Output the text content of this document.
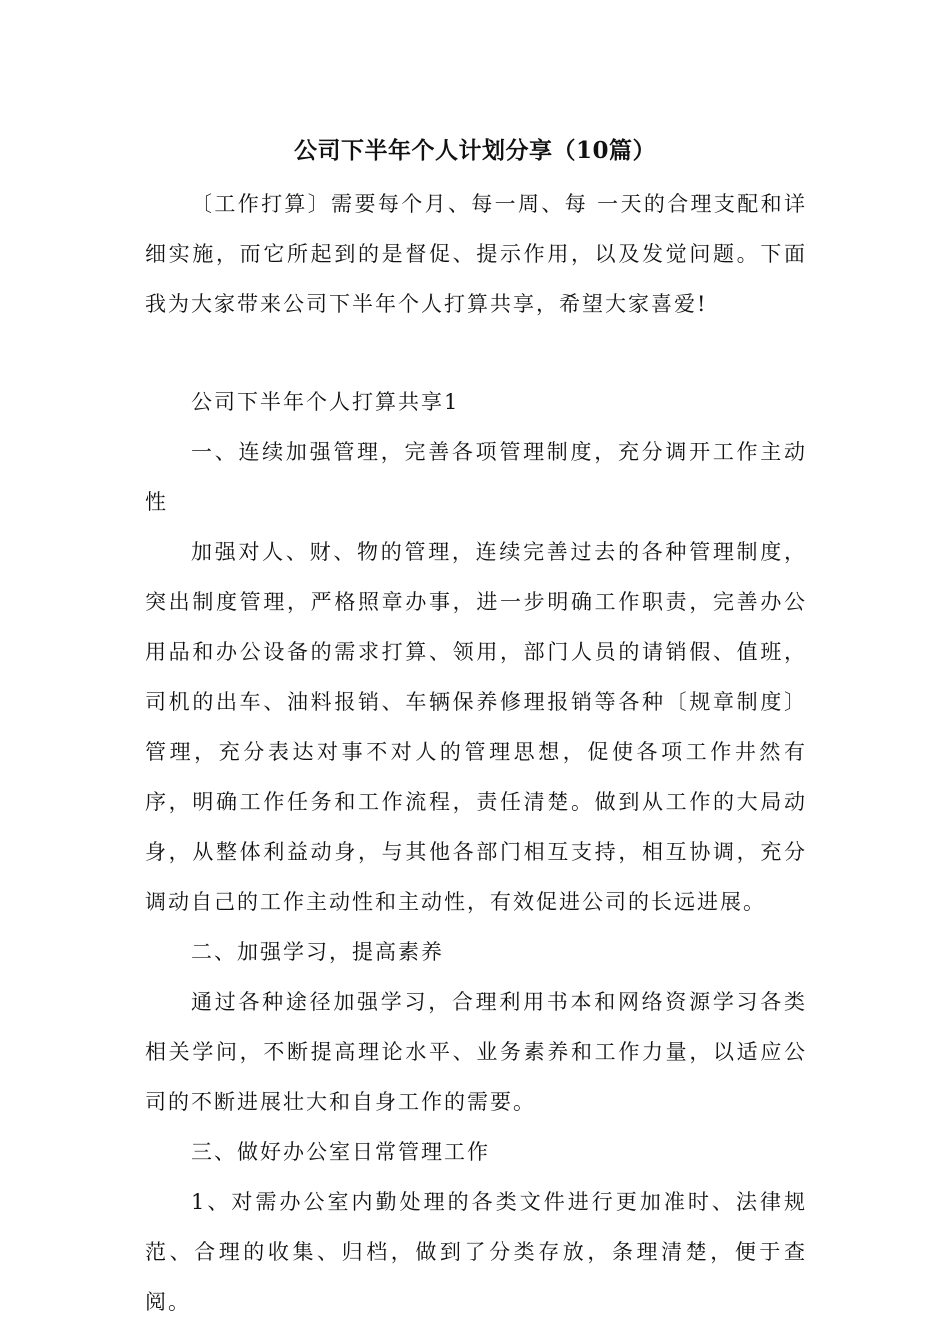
公司下半年个人计划分享（10篇）

〔工作打算〕需要每个月、每一周、每 一天的合理支配和详细实施，而它所起到的是督促、提示作用，以及发觉问题。下面我为大家带来公司下半年个人打算共享，希望大家喜爱!

公司下半年个人打算共享1

一、连续加强管理，完善各项管理制度，充分调开工作主动性

加强对人、财、物的管理，连续完善过去的各种管理制度，突出制度管理，严格照章办事，进一步明确工作职责，完善办公用品和办公设备的需求打算、领用，部门人员的请销假、值班，司机的出车、油料报销、车辆保养修理报销等各种〔规章制度〕管理，充分表达对事不对人的管理思想，促使各项工作井然有序，明确工作任务和工作流程，责任清楚。做到从工作的大局动身，从整体利益动身，与其他各部门相互支持，相互协调，充分调动自己的工作主动性和主动性，有效促进公司的长远进展。

二、加强学习，提高素养

通过各种途径加强学习，合理利用书本和网络资源学习各类相关学问，不断提高理论水平、业务素养和工作力量，以适应公司的不断进展壮大和自身工作的需要。

三、做好办公室日常管理工作

1、对需办公室内勤处理的各类文件进行更加准时、法律规范、合理的收集、归档，做到了分类存放，条理清楚，便于查阅。
